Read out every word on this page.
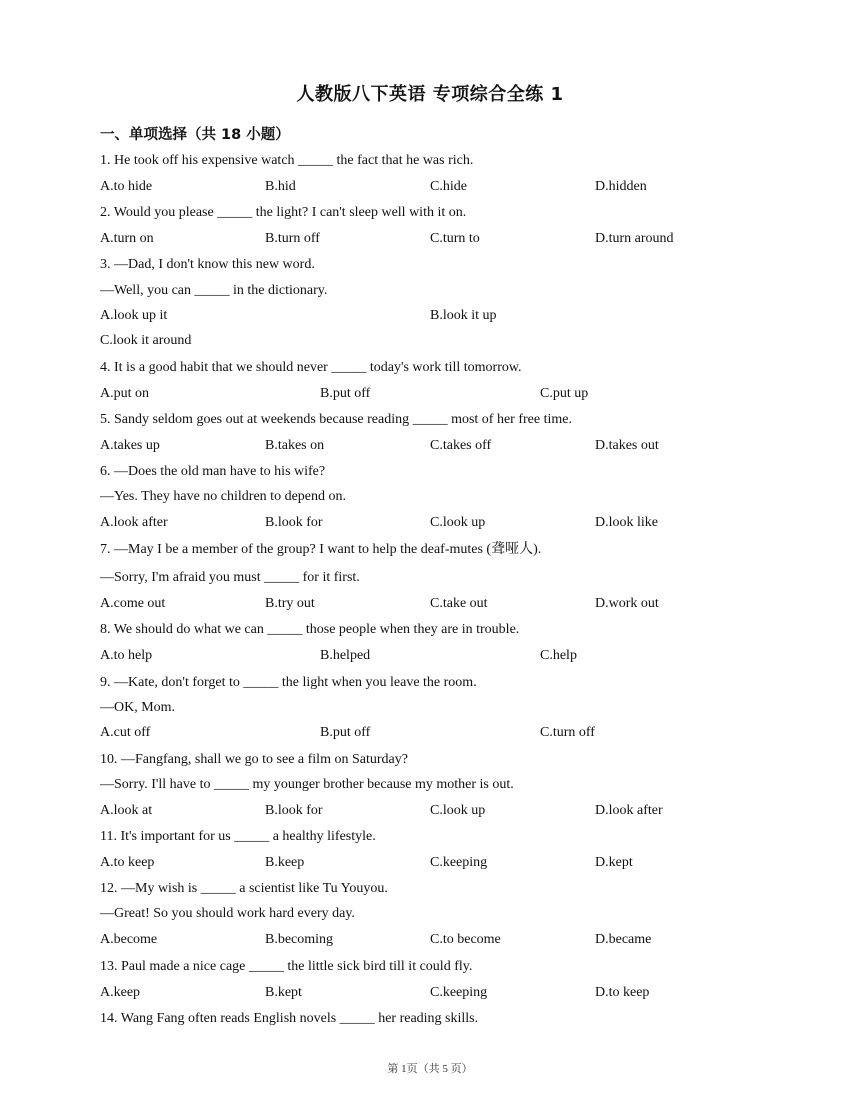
人教版八下英语 专项综合全练 1
一、单项选择（共 18 小题）
1. He took off his expensive watch _____ the fact that he was rich.
A.to hide	B.hid	C.hide	D.hidden
2. Would you please _____ the light? I can't sleep well with it on.
A.turn on	B.turn off	C.turn to	D.turn around
3. —Dad, I don't know this new word.
—Well, you can _____ in the dictionary.
A.look up it	B.look it up
C.look it around
4. It is a good habit that we should never _____ today's work till tomorrow.
A.put on	B.put off	C.put up
5. Sandy seldom goes out at weekends because reading _____ most of her free time.
A.takes up	B.takes on	C.takes off	D.takes out
6. —Does the old man have to his wife?
—Yes. They have no children to depend on.
A.look after	B.look for	C.look up	D.look like
7. —May I be a member of the group? I want to help the deaf-mutes (聋哑人).
—Sorry, I'm afraid you must _____ for it first.
A.come out	B.try out	C.take out	D.work out
8. We should do what we can _____ those people when they are in trouble.
A.to help	B.helped	C.help
9. —Kate, don't forget to _____ the light when you leave the room.
—OK, Mom.
A.cut off	B.put off	C.turn off
10. —Fangfang, shall we go to see a film on Saturday?
—Sorry. I'll have to _____ my younger brother because my mother is out.
A.look at	B.look for	C.look up	D.look after
11. It's important for us _____ a healthy lifestyle.
A.to keep	B.keep	C.keeping	D.kept
12. —My wish is _____ a scientist like Tu Youyou.
—Great! So you should work hard every day.
A.become	B.becoming	C.to become	D.became
13. Paul made a nice cage _____ the little sick bird till it could fly.
A.keep	B.kept	C.keeping	D.to keep
14. Wang Fang often reads English novels _____ her reading skills.
第 1页（共 5 页）
